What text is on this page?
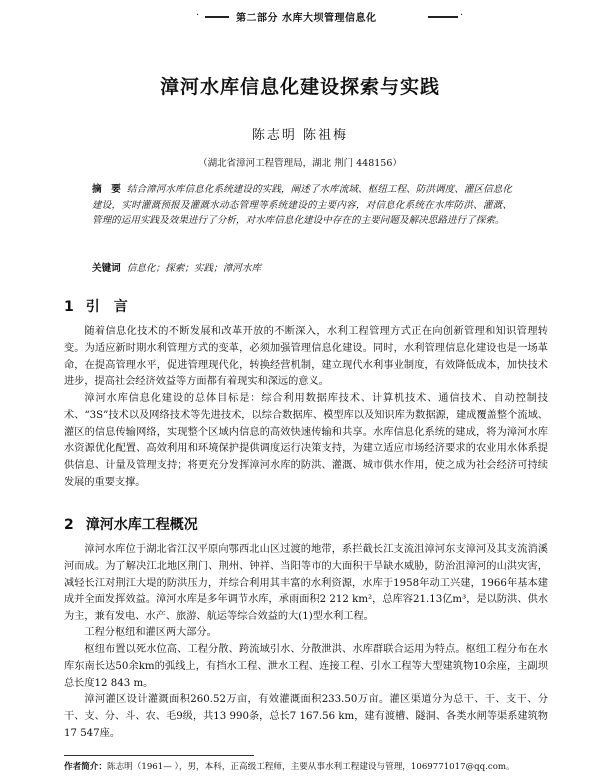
·	第二部分 水库大坝管理信息化	·
漳河水库信息化建设探索与实践
陈志明 陈祖梅
（湖北省漳河工程管理局，湖北 荆门 448156）
摘　要 结合漳河水库信息化系统建设的实践，阐述了水库流域、枢纽工程、防洪调度、灌区信息化建设，实时灌溉预报及灌溉水动态管理等系统建设的主要内容，对信息化系统在水库防洪、灌溉、管理的运用实践及效果进行了分析，对水库信息化建设中存在的主要问题及解决思路进行了探索。
关键词 信息化；探索；实践；漳河水库
1 引　言
随着信息化技术的不断发展和改革开放的不断深入，水利工程管理方式正在向创新管理和知识管理转变。为适应新时期水利管理方式的变革，必须加强管理信息化建设。同时，水利管理信息化建设也是一场革命，在提高管理水平，促进管理现代化，转换经营机制，建立现代水利事业制度，有效降低成本，加快技术进步，提高社会经济效益等方面都有着现实和深远的意义。
漳河水库信息化建设的总体目标是：综合利用数据库技术、计算机技术、通信技术、自动控制技术、“3S”技术以及网络技术等先进技术，以综合数据库、模型库以及知识库为数据源，建成覆盖整个流域、灌区的信息传输网络，实现整个区域内信息的高效快速传输和共享。水库信息化系统的建成，将为漳河水库水资源优化配置、高效利用和环境保护提供调度运行决策支持，为建立适应市场经济要求的农业用水体系提供信息、计量及管理支持；将更充分发挥漳河水库的防洪、灌溉、城市供水作用，使之成为社会经济可持续发展的重要支撑。
2 漳河水库工程概况
漳河水库位于湖北省江汉平原向鄂西北山区过渡的地带，系拦截长江支流沮漳河东支漳河及其支流消溪河而成。为了解决江北地区荆门、荆州、钟祥、当阳等市的大面积干旱缺水威胁，防治沮漳河的山洪灾害，减轻长江对荆江大堤的防洪压力，并综合利用其丰富的水利资源，水库于1958年动工兴建，1966年基本建成并全面发挥效益。漳河水库是多年调节水库，承雨面积2 212 km²，总库容21.13亿m³，是以防洪、供水为主，兼有发电、水产、旅游、航运等综合效益的大(1)型水利工程。
工程分枢纽和灌区两大部分。
枢纽布置以死水位高、工程分散、跨流域引水、分散泄洪、水库群联合运用为特点。枢纽工程分布在水库东南长达50余km的弧线上，有挡水工程、泄水工程、连接工程、引水工程等大型建筑物10余座，主副坝总长度12 843 m。
漳河灌区设计灌溉面积260.52万亩，有效灌溉面积233.50万亩。灌区渠道分为总干、干、支干、分干、支、分、斗、农、毛9级，共13 990条，总长7 167.56 km，建有渡槽、隧洞、各类水闸等渠系建筑物17 547座。
作者简介：陈志明（1961— ），男，本科，正高级工程师，主要从事水利工程建设与管理，1069771017@qq.com。
